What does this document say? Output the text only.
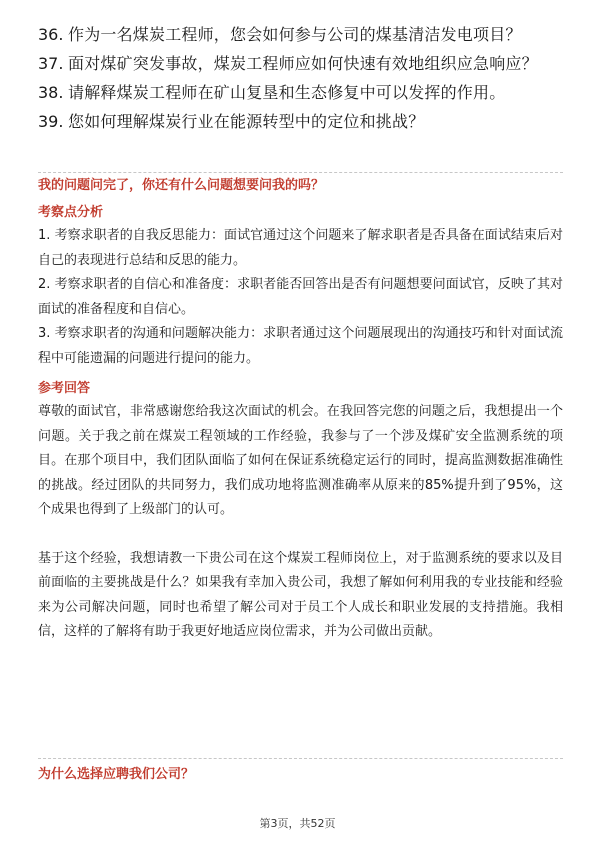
36. 作为一名煤炭工程师，您会如何参与公司的煤基清洁发电项目？
37. 面对煤矿突发事故，煤炭工程师应如何快速有效地组织应急响应？
38. 请解释煤炭工程师在矿山复垦和生态修复中可以发挥的作用。
39. 您如何理解煤炭行业在能源转型中的定位和挑战？
我的问题问完了，你还有什么问题想要问我的吗？
考察点分析

1. 考察求职者的自我反思能力：面试官通过这个问题来了解求职者是否具备在面试结束后对自己的表现进行总结和反思的能力。

2. 考察求职者的自信心和准备度：求职者能否回答出是否有问题想要问面试官，反映了其对面试的准备程度和自信心。

3. 考察求职者的沟通和问题解决能力：求职者通过这个问题展现出的沟通技巧和针对面试流程中可能遗漏的问题进行提问的能力。

参考回答

尊敬的面试官，非常感谢您给我这次面试的机会。在我回答完您的问题之后，我想提出一个问题。关于我之前在煤炭工程领域的工作经验，我参与了一个涉及煤矿安全监测系统的项目。在那个项目中，我们团队面临了如何在保证系统稳定运行的同时，提高监测数据准确性的挑战。经过团队的共同努力，我们成功地将监测准确率从原来的85%提升到了95%，这个成果也得到了上级部门的认可。

基于这个经验，我想请教一下贵公司在这个煤炭工程师岗位上，对于监测系统的要求以及目前面临的主要挑战是什么？如果我有幸加入贵公司，我想了解如何利用我的专业技能和经验来为公司解决问题，同时也希望了解公司对于员工个人成长和职业发展的支持措施。我相信，这样的了解将有助于我更好地适应岗位需求，并为公司做出贡献。

为什么选择应聘我们公司？
第3页，共52页
